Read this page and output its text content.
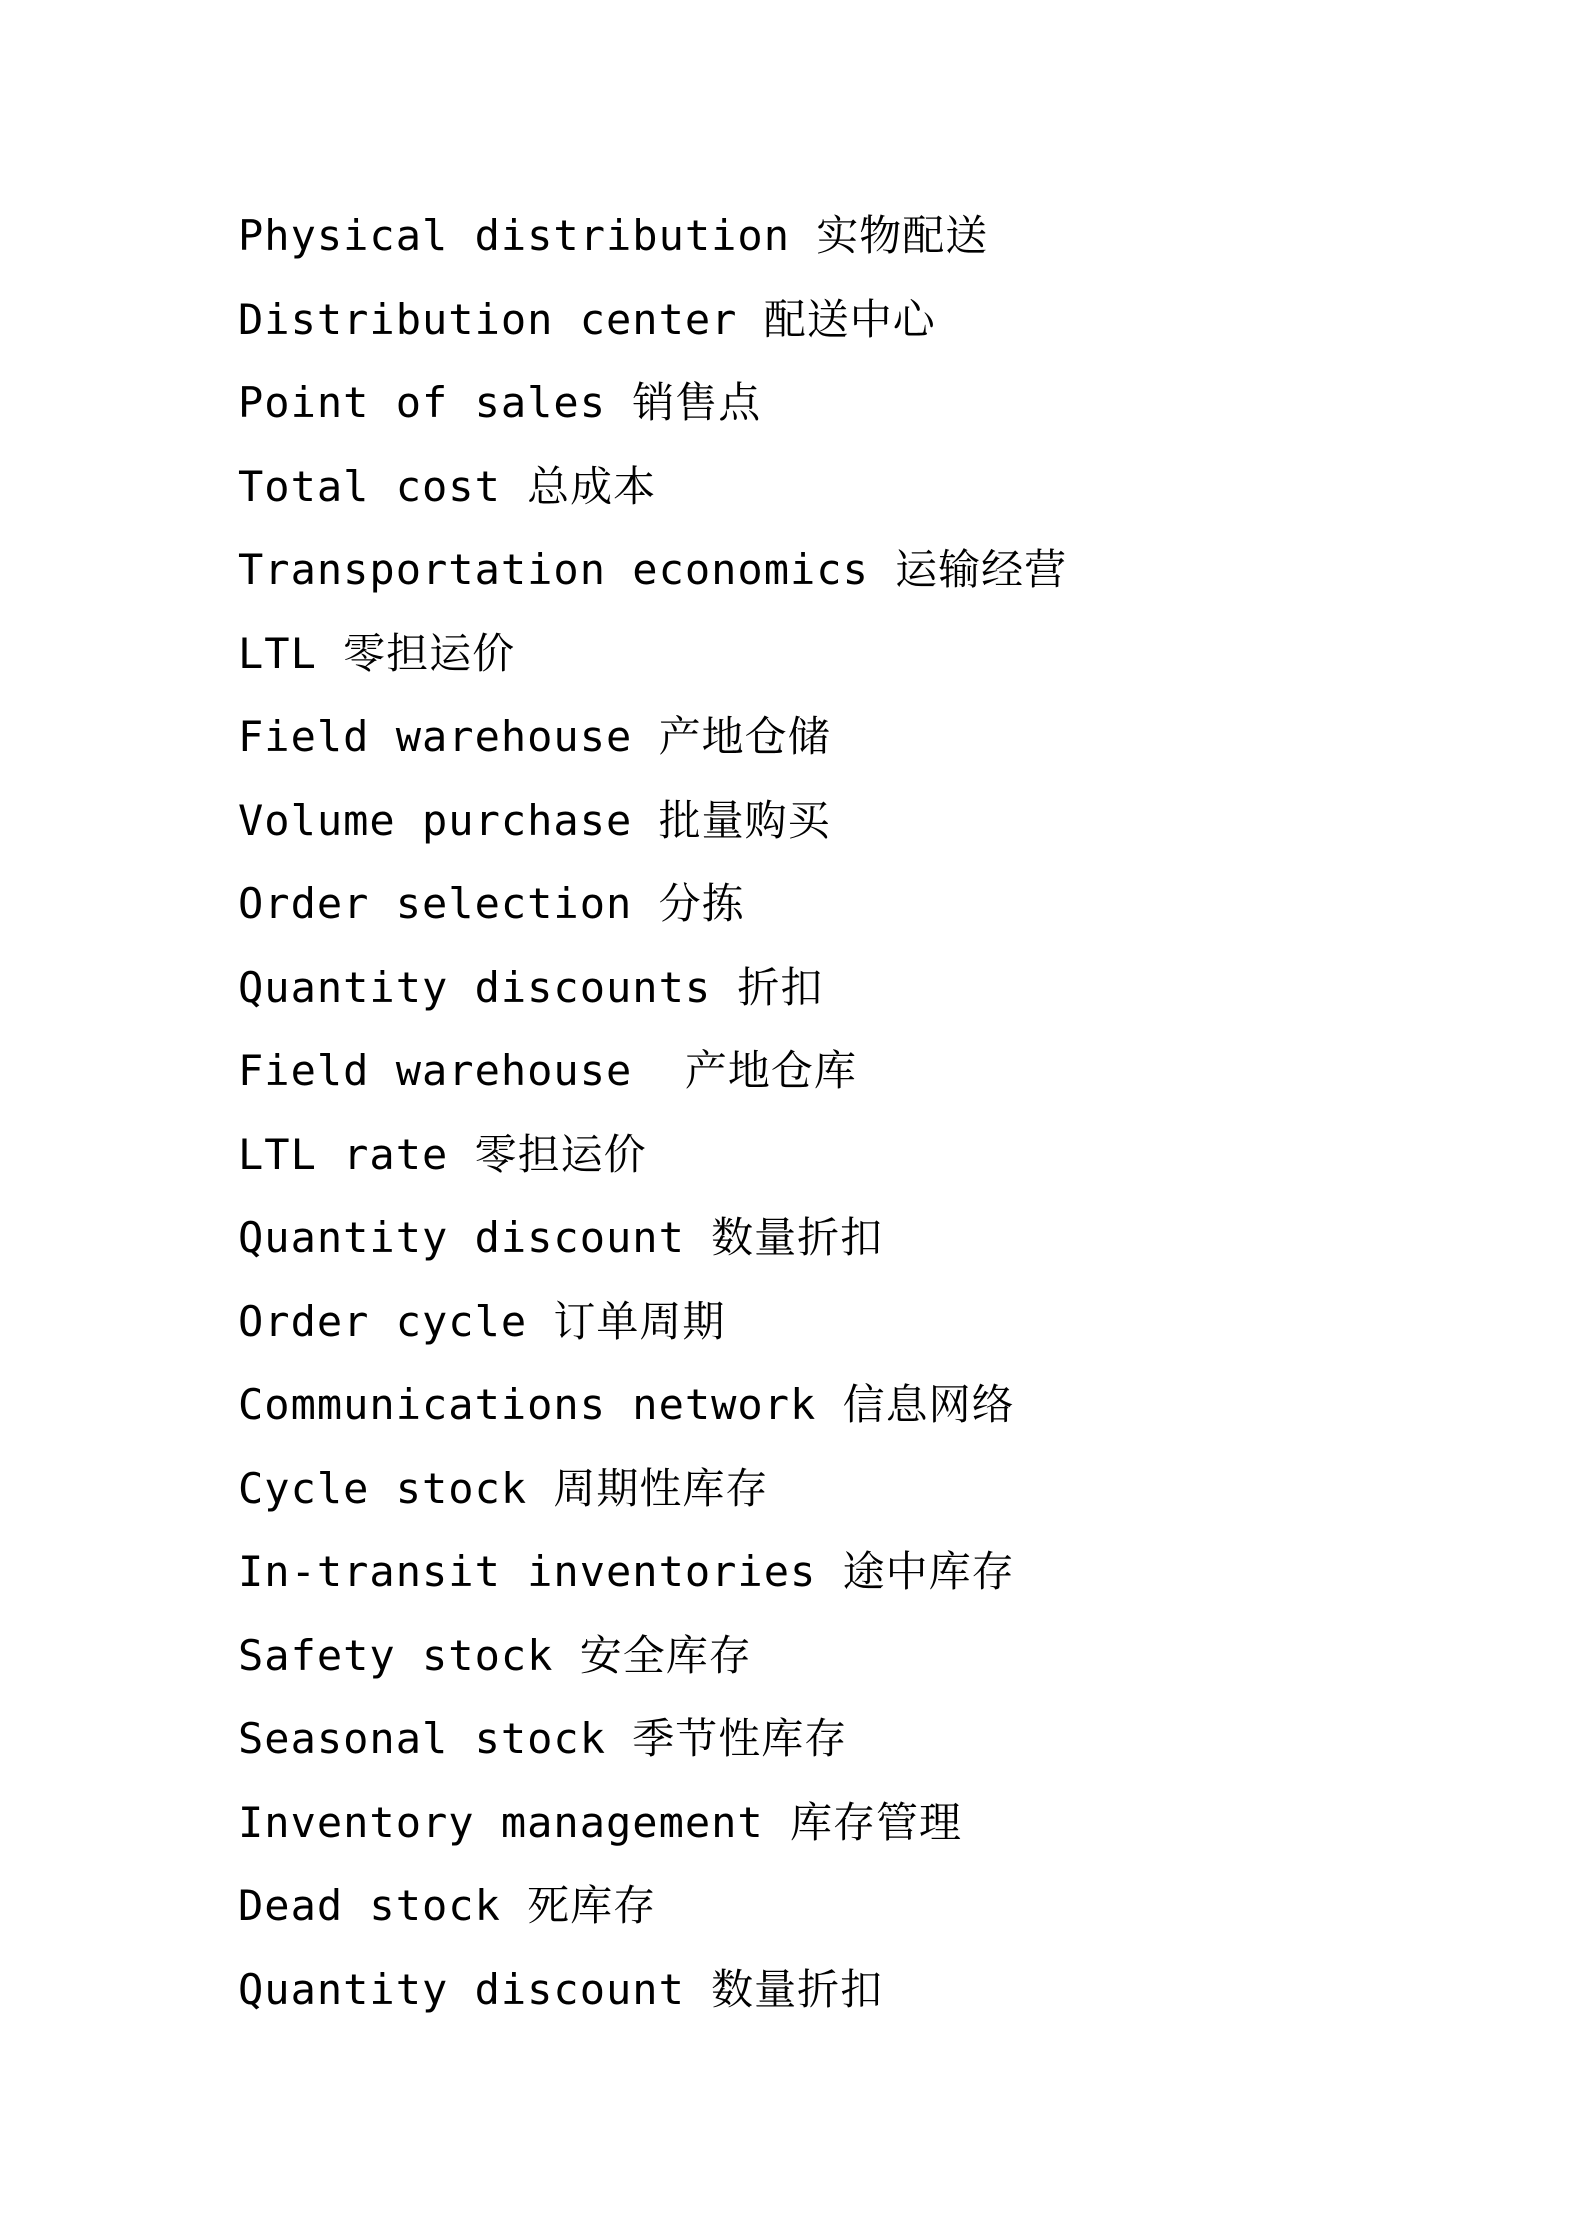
Physical distribution 实物配送
Distribution center 配送中心
Point of sales 销售点
Total cost 总成本
Transportation economics 运输经营
LTL 零担运价
Field warehouse 产地仓储
Volume purchase 批量购买
Order selection 分拣
Quantity discounts 折扣
Field warehouse  产地仓库
LTL rate 零担运价
Quantity discount 数量折扣
Order cycle 订单周期
Communications network 信息网络
Cycle stock 周期性库存
In-transit inventories 途中库存
Safety stock 安全库存
Seasonal stock 季节性库存
Inventory management 库存管理
Dead stock 死库存
Quantity discount 数量折扣
